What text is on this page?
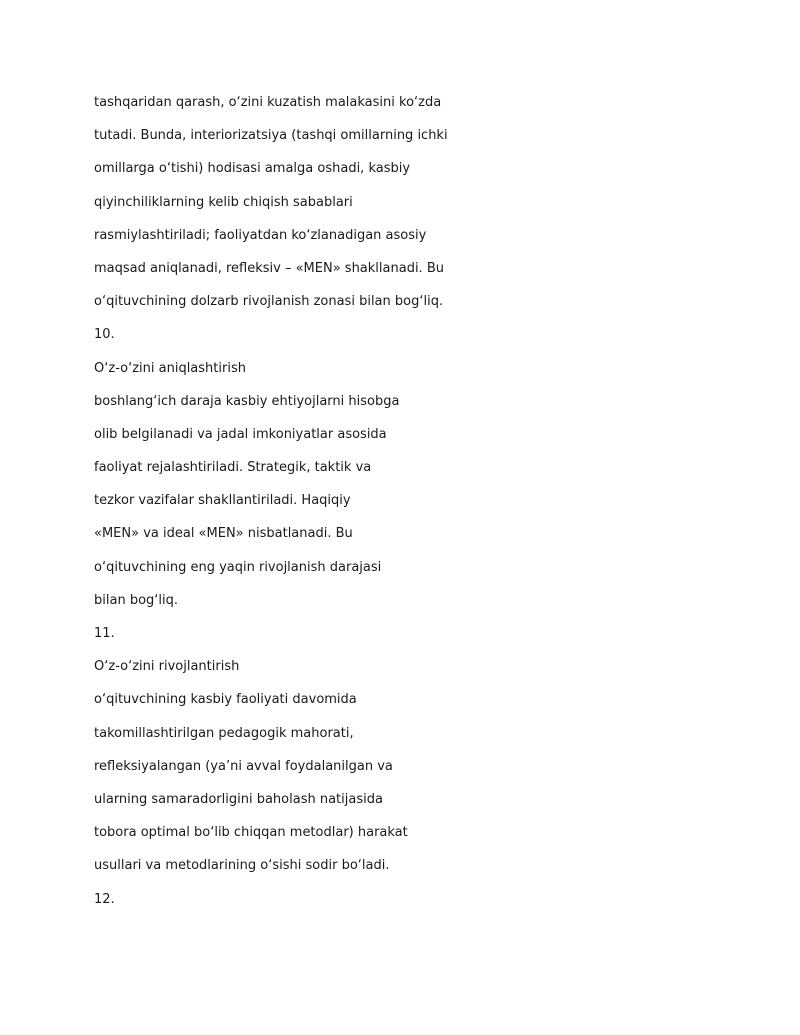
tashqaridan qarash, o‘zini kuzatish malakasini ko‘zda
tutadi. Bunda, interiorizatsiya (tashqi omillarning ichki
omillarga o‘tishi) hodisasi amalga oshadi, kasbiy
qiyinchiliklarning kelib chiqish sabablari
rasmiylashtiriladi; faoliyatdan ko‘zlanadigan asosiy
maqsad aniqlanadi, refleksiv – «MEN» shakllanadi. Bu
o‘qituvchining dolzarb rivojlanish zonasi bilan bog‘liq.
10.
O‘z-o‘zini aniqlashtirish
boshlang‘ich daraja kasbiy ehtiyojlarni hisobga
olib belgilanadi va jadal imkoniyatlar asosida
faoliyat rejalashtiriladi. Strategik, taktik va
tezkor vazifalar shakllantiriladi. Haqiqiy
«MEN» va ideal «MEN» nisbatlanadi. Bu
o‘qituvchining eng yaqin rivojlanish darajasi
bilan bog‘liq.
11.
O‘z-o‘zini rivojlantirish
o‘qituvchining kasbiy faoliyati davomida
takomillashtirilgan pedagogik mahorati,
refleksiyalangan (ya’ni avval foydalanilgan va
ularning samaradorligini baholash natijasida
tobora optimal bo‘lib chiqqan metodlar) harakat
usullari va metodlarining o‘sishi sodir bo‘ladi.
12.
